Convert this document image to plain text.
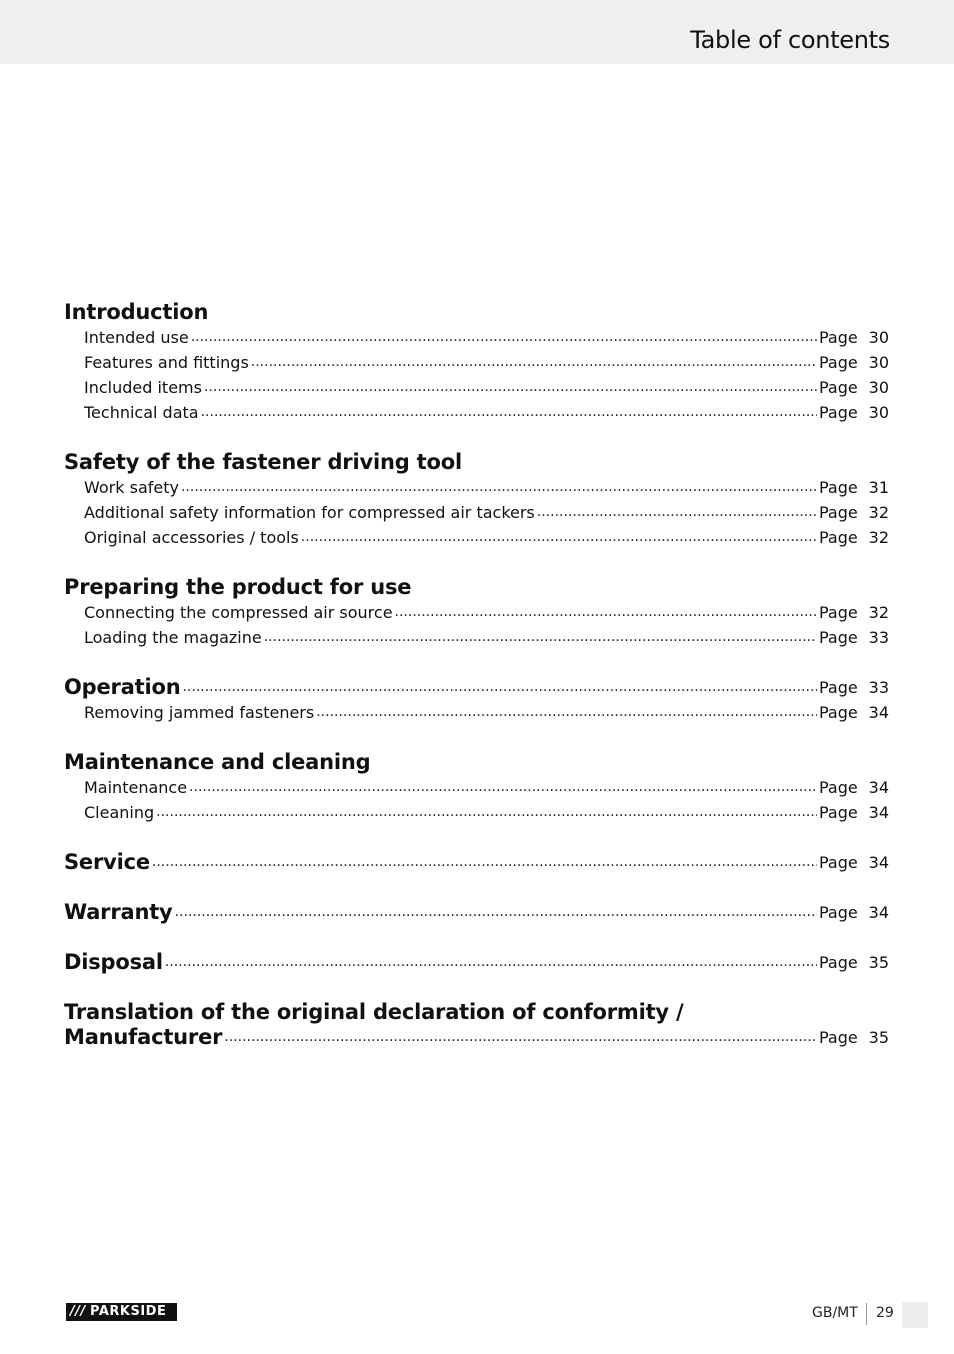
Table of contents
Introduction
Intended use .....	Page 30
Features and fittings .....	Page 30
Included items .....	Page 30
Technical data .....	Page 30
Safety of the fastener driving tool
Work safety .....	Page 31
Additional safety information for compressed air tackers .....	Page 32
Original accessories / tools .....	Page 32
Preparing the product for use
Connecting the compressed air source .....	Page 32
Loading the magazine .....	Page 33
Operation .....	Page 33
Removing jammed fasteners .....	Page 34
Maintenance and cleaning
Maintenance .....	Page 34
Cleaning .....	Page 34
Service .....	Page 34
Warranty .....	Page 34
Disposal .....	Page 35
Translation of the original declaration of conformity /
Manufacturer .....	Page 35
/// PARKSIDE	GB/MT 29
